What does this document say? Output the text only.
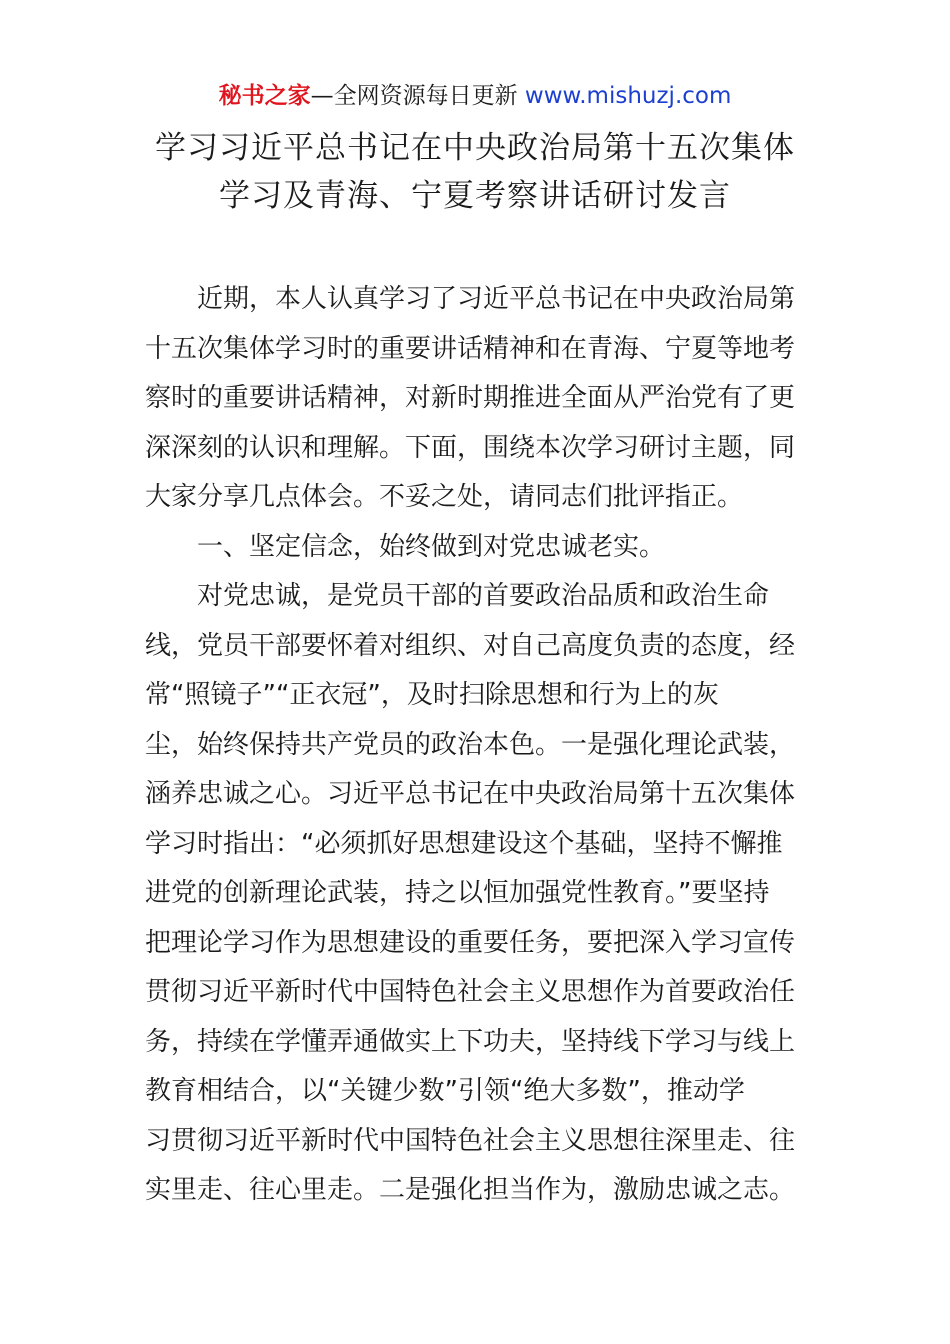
秘书之家—全网资源每日更新 www.mishuzj.com
学习习近平总书记在中央政治局第十五次集体
学习及青海、宁夏考察讲话研讨发言
　　近期，本人认真学习了习近平总书记在中央政治局第
十五次集体学习时的重要讲话精神和在青海、宁夏等地考
察时的重要讲话精神，对新时期推进全面从严治党有了更
深深刻的认识和理解。下面，围绕本次学习研讨主题，同
大家分享几点体会。不妥之处，请同志们批评指正。
　　一、坚定信念，始终做到对党忠诚老实。
　　对党忠诚，是党员干部的首要政治品质和政治生命
线，党员干部要怀着对组织、对自己高度负责的态度，经
常“照镜子”“正衣冠”，及时扫除思想和行为上的灰
尘，始终保持共产党员的政治本色。一是强化理论武装，
涵养忠诚之心。习近平总书记在中央政治局第十五次集体
学习时指出：“必须抓好思想建设这个基础，坚持不懈推
进党的创新理论武装，持之以恒加强党性教育。”要坚持
把理论学习作为思想建设的重要任务，要把深入学习宣传
贯彻习近平新时代中国特色社会主义思想作为首要政治任
务，持续在学懂弄通做实上下功夫，坚持线下学习与线上
教育相结合，以“关键少数”引领“绝大多数”，推动学
习贯彻习近平新时代中国特色社会主义思想往深里走、往
实里走、往心里走。二是强化担当作为，激励忠诚之志。
